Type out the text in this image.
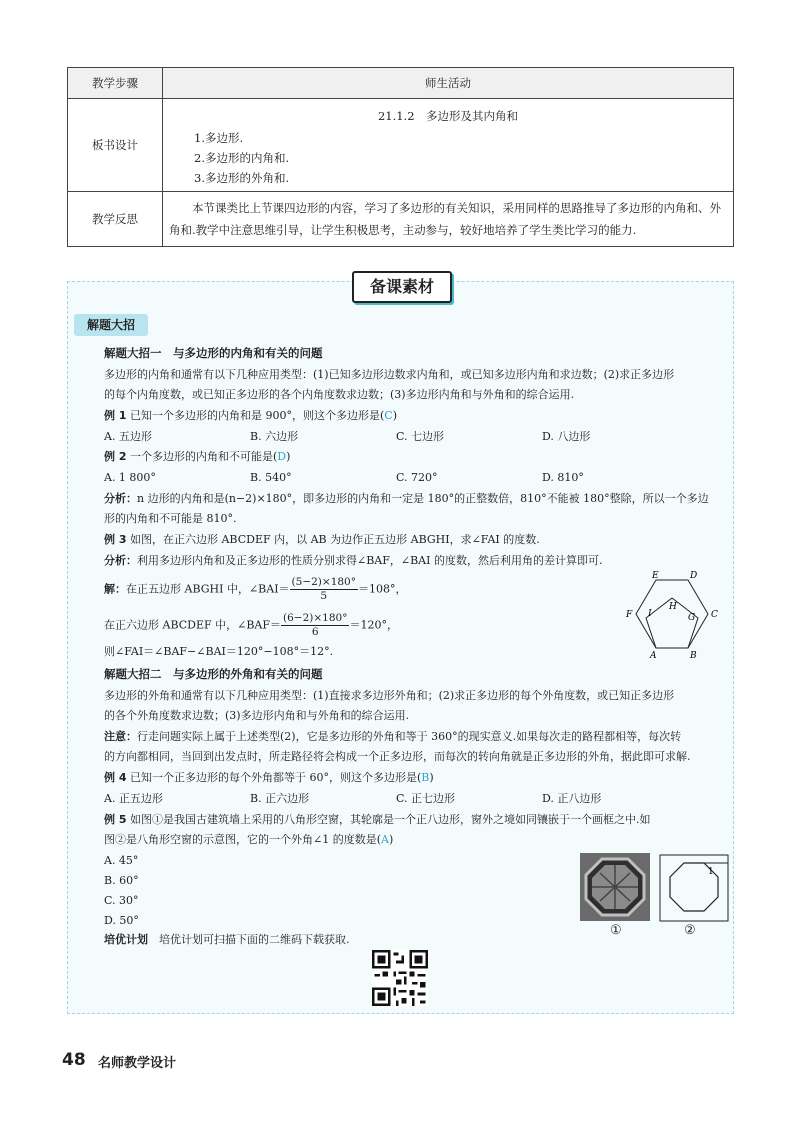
教学步骤	师生活动
板书设计	21.1.2　多边形及其内角和
1.多边形.
2.多边形的内角和.
3.多边形的外角和.

教学反思	本节课类比上节课四边形的内容，学习了多边形的有关知识，采用同样的思路推导了多边形的内角和、外角和.教学中注意思维引导，让学生积极思考，主动参与，较好地培养了学生类比学习的能力.
备课素材
解题大招
解题大招一　与多边形的内角和有关的问题
多边形的内角和通常有以下几种应用类型：(1)已知多边形边数求内角和，或已知多边形内角和求边数；(2)求正多边形
的每个内角度数，或已知正多边形的各个内角度数求边数；(3)多边形内角和与外角和的综合运用.
例 1 已知一个多边形的内角和是 900°，则这个多边形是(C)
A. 五边形	B. 六边形	C. 七边形	D. 八边形
例 2 一个多边形的内角和不可能是(D)
A. 1 800°	B. 540°	C. 720°	D. 810°
分析：n 边形的内角和是(n−2)×180°，即多边形的内角和一定是 180°的正整数倍，810°不能被 180°整除，所以一个多边
形的内角和不可能是 810°.
例 3 如图，在正六边形 ABCDEF 内，以 AB 为边作正五边形 ABGHI，求∠FAI 的度数.
分析：利用多边形内角和及正多边形的性质分别求得∠BAF，∠BAI 的度数，然后利用角的差计算即可.
解：在正五边形 ABGHI 中，∠BAI＝ $\frac{(5-2)\times 180^\circ}{5} =108^\circ$，
在正六边形 ABCDEF 中，∠BAF＝ $\frac{(6-2)\times 180^\circ}{6} =120^\circ$，
则∠FAI＝∠BAF−∠BAI＝120°−108°＝12°.	A	B
C
D
E
F	G
H
I
解题大招二　与多边形的外角和有关的问题
多边形的外角和通常有以下几种应用类型：(1)直接求多边形外角和；(2)求正多边形的每个外角度数，或已知正多边形
的各个外角度数求边数；(3)多边形内角和与外角和的综合运用.
注意：行走问题实际上属于上述类型(2)，它是多边形的外角和等于 360°的现实意义.如果每次走的路程都相等，每次转
的方向都相同，当回到出发点时，所走路径将会构成一个正多边形，而每次的转向角就是正多边形的外角，据此即可求解.
例 4 已知一个正多边形的每个外角都等于 60°，则这个多边形是(B)
A. 正五边形	B. 正六边形	C. 正七边形	D. 正八边形
例 5 如图①是我国古建筑墙上采用的八角形空窗，其轮廓是一个正八边形，窗外之境如同镶嵌于一个画框之中.如
图②是八角形空窗的示意图，它的一个外角∠1 的度数是(A)
A. 45°
B. 60°
C. 30°
D. 50°
①
1
②
培优计划　 培优计划可扫描下面的二维码下载获取.
48 名师教学设计
